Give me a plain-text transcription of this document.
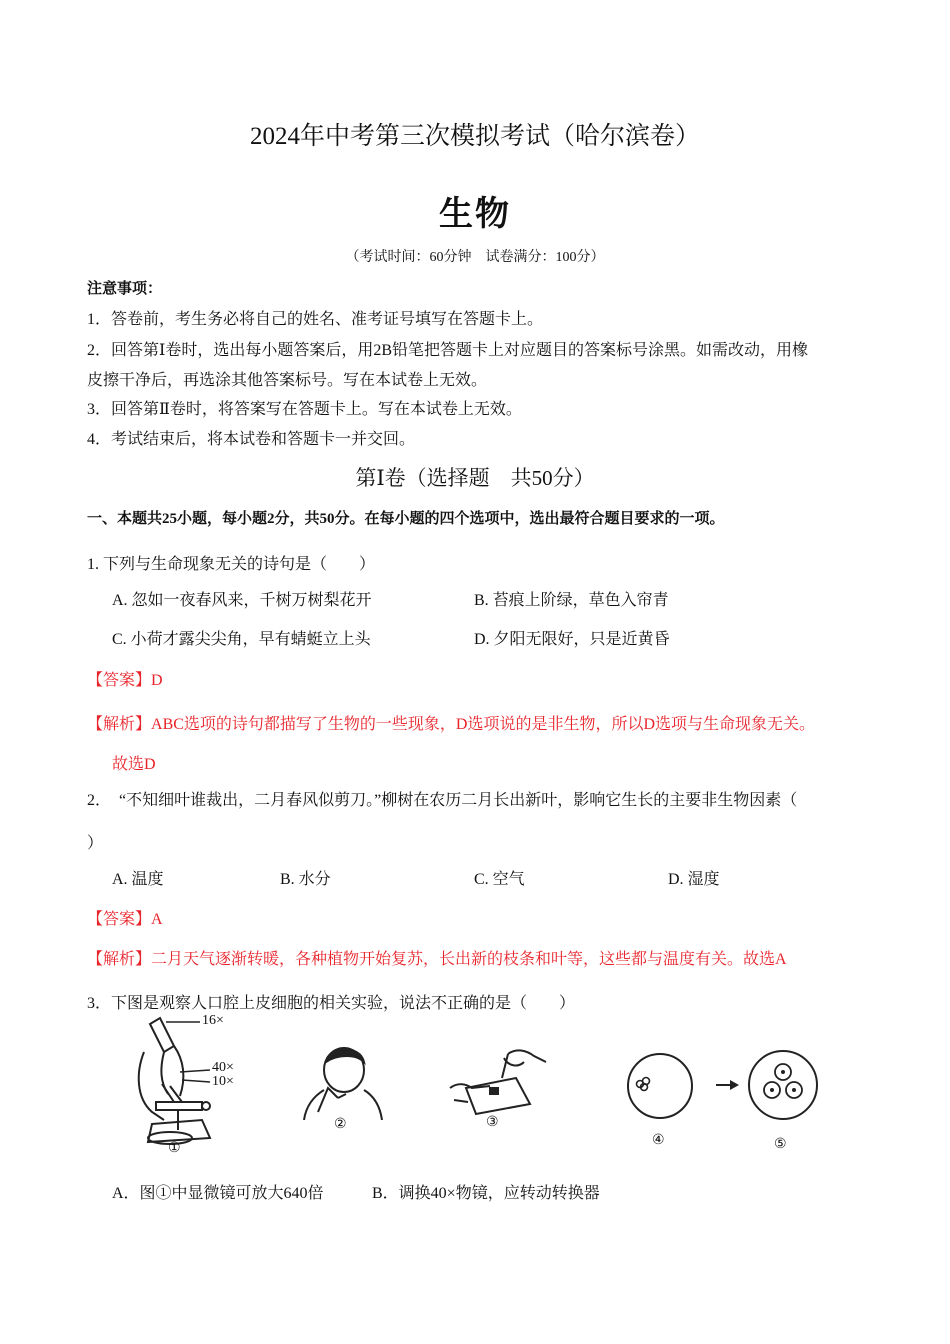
2024年中考第三次模拟考试（哈尔滨卷）
生物
（考试时间：60分钟　试卷满分：100分）
注意事项：
1．答卷前，考生务必将自己的姓名、准考证号填写在答题卡上。
2．回答第Ⅰ卷时，选出每小题答案后，用2B铅笔把答题卡上对应题目的答案标号涂黑。如需改动，用橡
皮擦干净后，再选涂其他答案标号。写在本试卷上无效。
3．回答第Ⅱ卷时，将答案写在答题卡上。写在本试卷上无效。
4．考试结束后，将本试卷和答题卡一并交回。
第Ⅰ卷（选择题　共50分）
一、本题共25小题，每小题2分，共50分。在每小题的四个选项中，选出最符合题目要求的一项。
1. 下列与生命现象无关的诗句是（　　）
A. 忽如一夜春风来，千树万树梨花开	B. 苔痕上阶绿，草色入帘青
C. 小荷才露尖尖角，早有蜻蜓立上头	D. 夕阳无限好，只是近黄昏
【答案】D
【解析】ABC选项的诗句都描写了生物的一些现象，D选项说的是非生物，所以D选项与生命现象无关。
故选D
2．　“不知细叶谁裁出，二月春风似剪刀。”柳树在农历二月长出新叶，影响它生长的主要非生物因素（
）
A. 温度	B. 水分	C. 空气	D. 湿度
【答案】A
【解析】二月天气逐渐转暖，各种植物开始复苏，长出新的枝条和叶等，这些都与温度有关。故选A
3．下图是观察人口腔上皮细胞的相关实验，说法不正确的是（　　）
16×
40×
10×
①
②	③
④	⑤
A．图①中显微镜可放大640倍	B．调换40×物镜，应转动转换器
